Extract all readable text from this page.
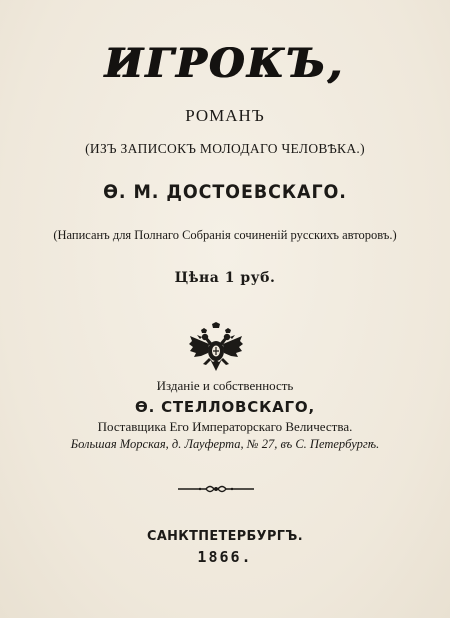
ИГРОКЪ,
РОМАНЪ
(ИЗЪ ЗАПИСОКЪ МОЛОДАГО ЧЕЛОВѢКА.)
Ѳ. М. ДОСТОЕВСКАГО.
(Написанъ для Полнаго Собранія сочиненій русскихъ авторовъ.)
Цѣна 1 руб.
Изданіе и собственность
Ѳ. СТЕЛЛОВСКАГО,
Поставщика Его Императорскаго Величества.
Большая Морская, д. Лауферта, № 27, въ С. Петербургѣ.
САНКТПЕТЕРБУРГЪ.
1866.
